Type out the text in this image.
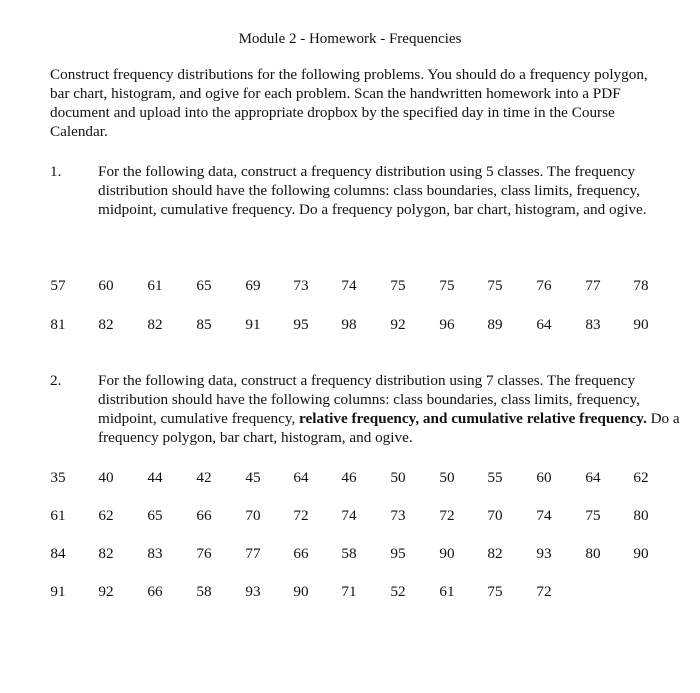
Module 2 - Homework - Frequencies

Construct frequency distributions for the following problems. You should do a frequency polygon, bar chart, histogram, and ogive for each problem. Scan the handwritten homework into a PDF document and upload into the appropriate dropbox by the specified day in time in the Course Calendar.

1. For the following data, construct a frequency distribution using 5 classes. The frequency distribution should have the following columns: class boundaries, class limits, frequency, midpoint, cumulative frequency. Do a frequency polygon, bar chart, histogram, and ogive.

57	60	61	65	69	73	74	75	75	75	76	77	78
81	82	82	85	91	95	98	92	96	89	64	83	90
2. For the following data, construct a frequency distribution using 7 classes. The frequency distribution should have the following columns: class boundaries, class limits, frequency, midpoint, cumulative frequency, relative frequency, and cumulative relative frequency. Do a frequency polygon, bar chart, histogram, and ogive.

35	40	44	42	45	64	46	50	50	55	60	64	62
61	62	65	66	70	72	74	73	72	70	74	75	80
84	82	83	76	77	66	58	95	90	82	93	80	90
91	92	66	58	93	90	71	52	61	75	72
